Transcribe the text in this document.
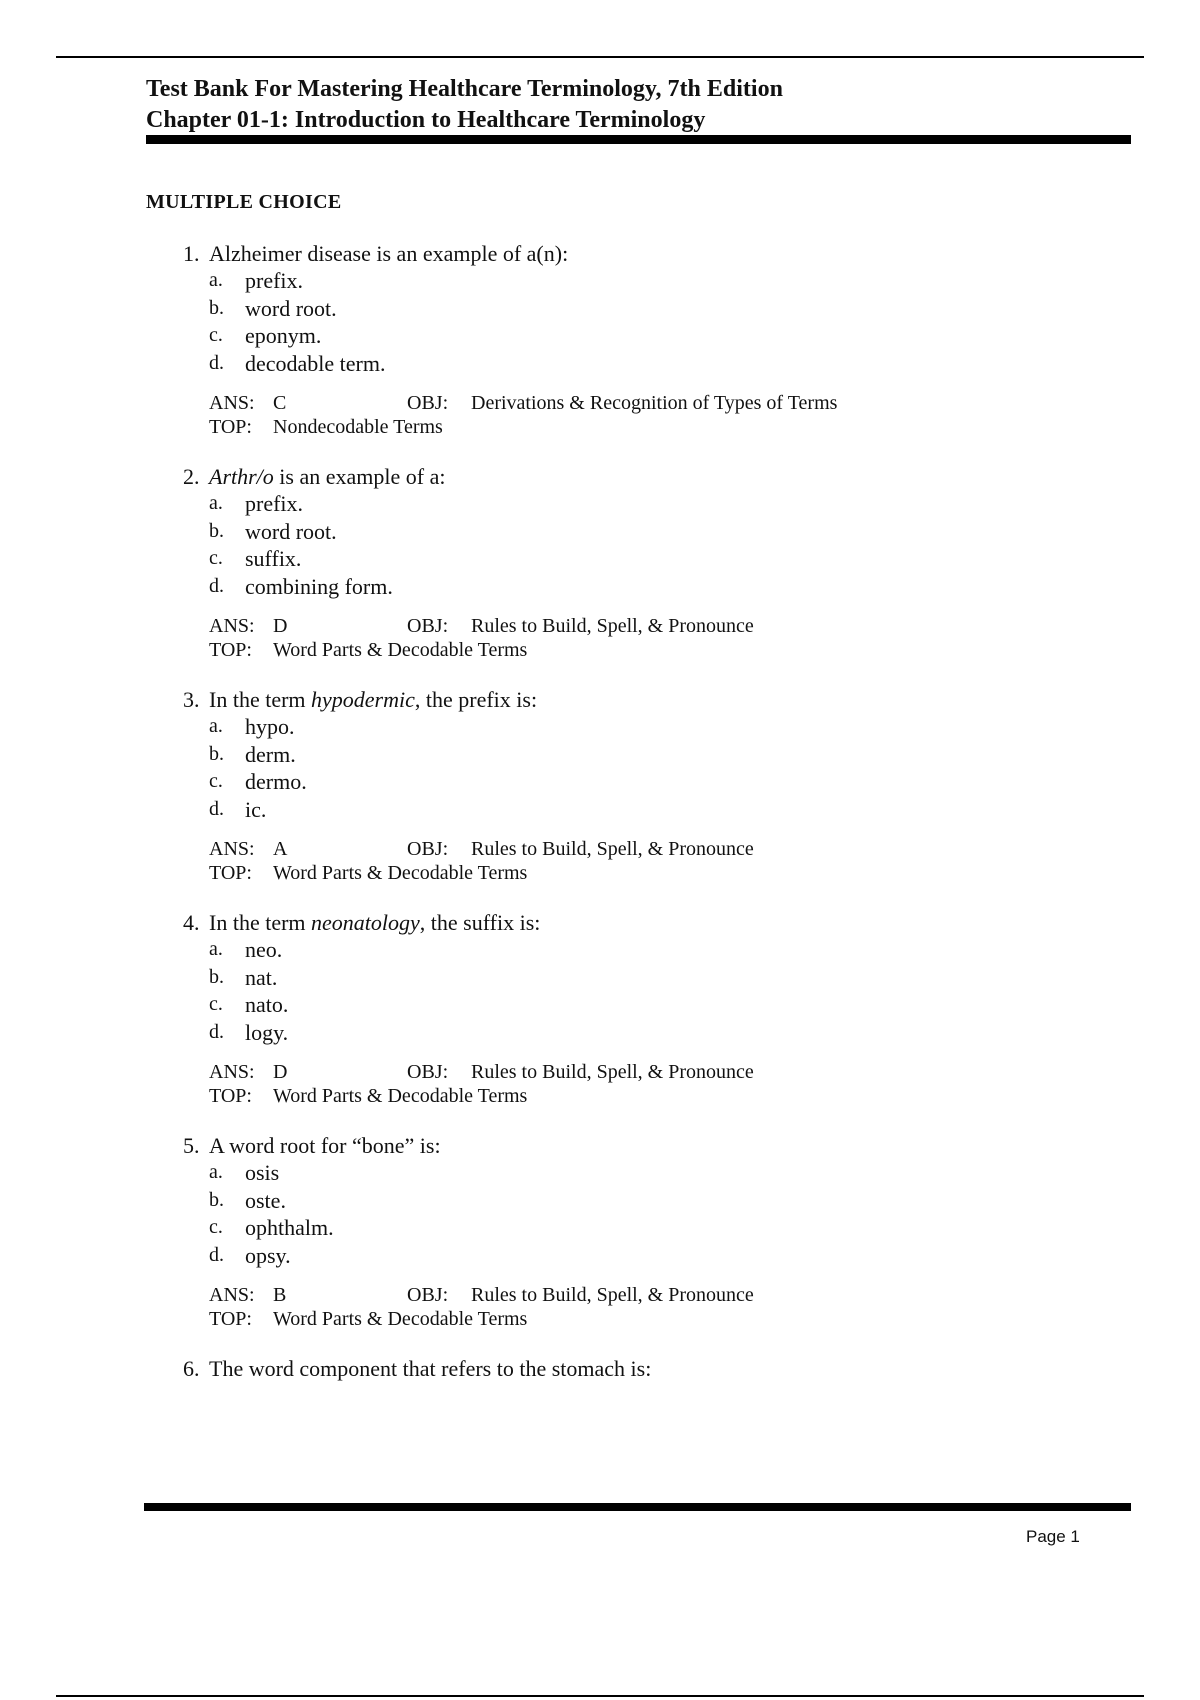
Test Bank For Mastering Healthcare Terminology, 7th Edition
Chapter 01-1: Introduction to Healthcare Terminology
MULTIPLE CHOICE
1. Alzheimer disease is an example of a(n):
a.	prefix.
b. word root.
c.	eponym.
d. decodable term.
ANS: C	OBJ:	Derivations & Recognition of Types of Terms
TOP:	Nondecodable Terms
2. Arthr/o is an example of a:
a.	prefix.
b. word root.
c.	suffix.
d. combining form.
ANS: D	OBJ:	Rules to Build, Spell, & Pronounce
TOP:	Word Parts & Decodable Terms
3. In the term hypodermic, the prefix is:
a.	hypo.
b. derm.
c.	dermo.
d. ic.
ANS: A	OBJ:	Rules to Build, Spell, & Pronounce
TOP:	Word Parts & Decodable Terms
4. In the term neonatology, the suffix is:
a.	neo.
b. nat.
c.	nato.
d. logy.
ANS: D	OBJ:	Rules to Build, Spell, & Pronounce
TOP:	Word Parts & Decodable Terms
5. A word root for “bone” is:
a.	osis
b. oste.
c.	ophthalm.
d. opsy.
ANS: B	OBJ:	Rules to Build, Spell, & Pronounce
TOP:	Word Parts & Decodable Terms
6. The word component that refers to the stomach is:
Page 1
